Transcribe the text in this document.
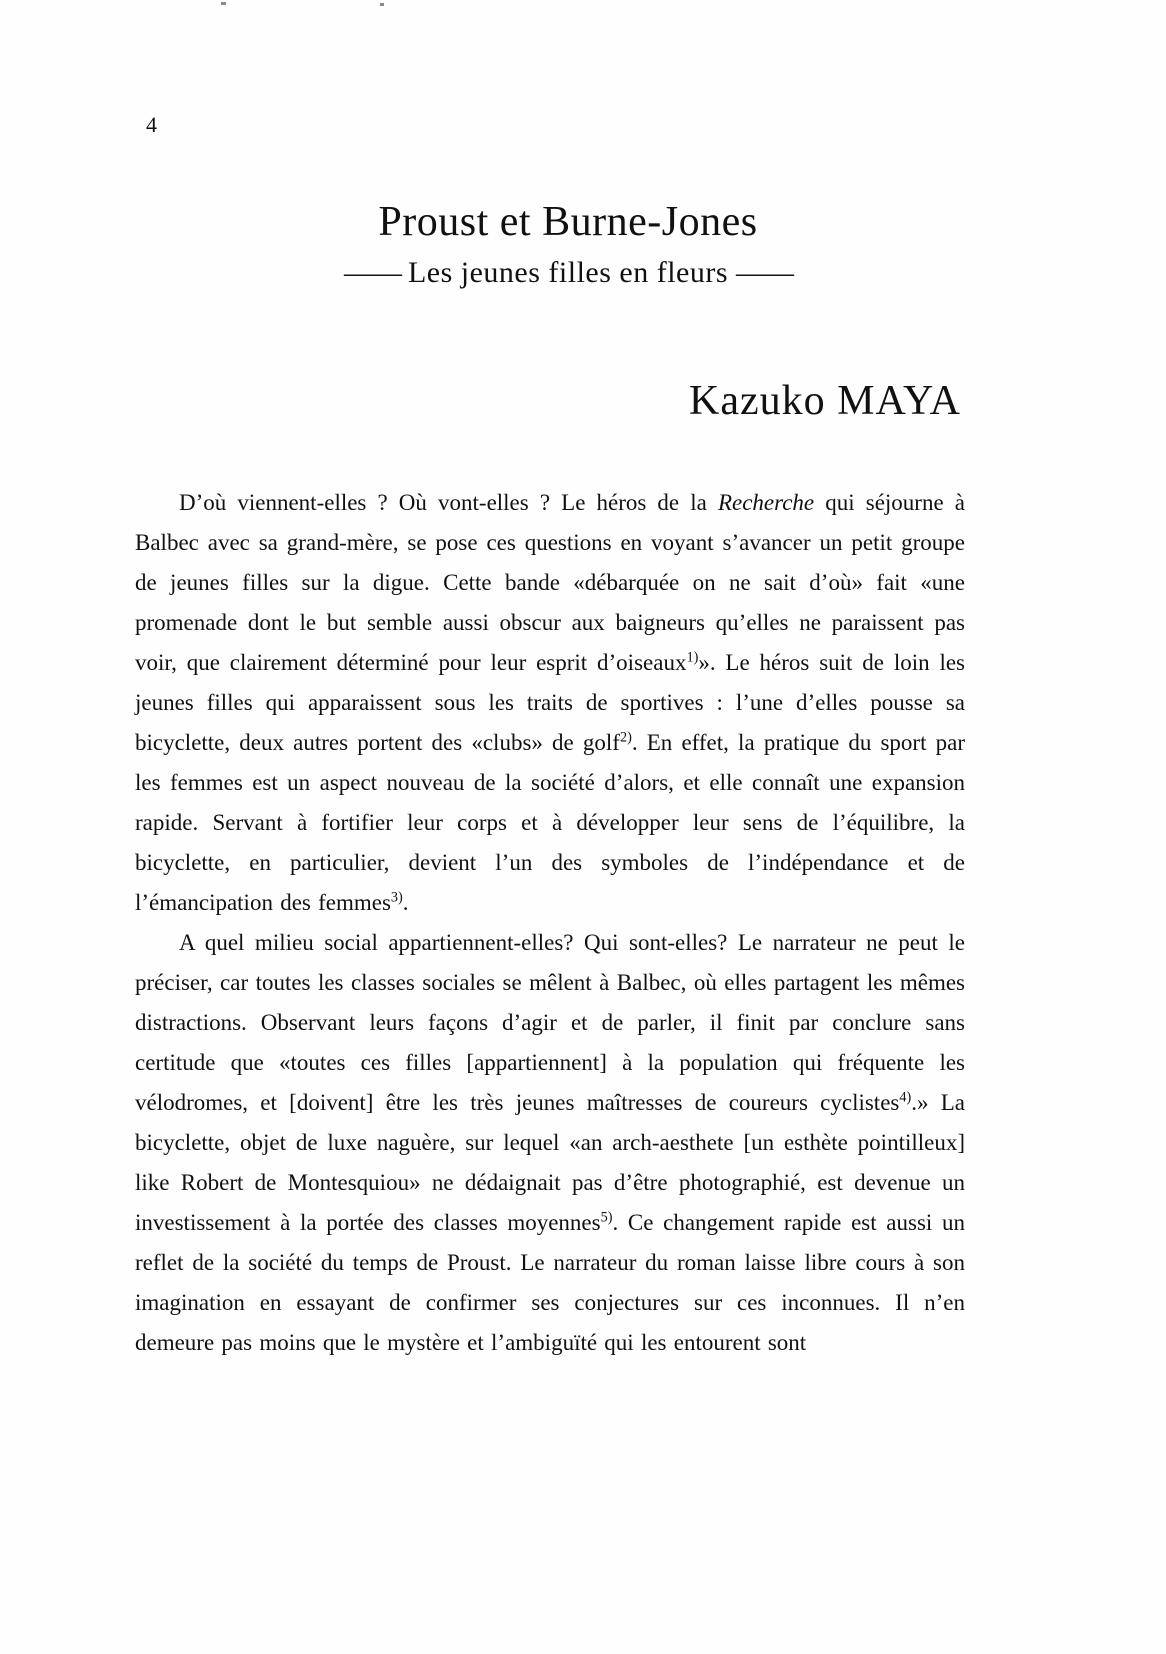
4
Proust et Burne-Jones
—— Les jeunes filles en fleurs ——
Kazuko MAYA

D’où viennent-elles ? Où vont-elles ? Le héros de la Recherche qui séjourne à Balbec avec sa grand-mère, se pose ces questions en voyant s’avancer un petit groupe de jeunes filles sur la digue. Cette bande «débarquée on ne sait d’où» fait «une promenade dont le but semble aussi obscur aux baigneurs qu’elles ne paraissent pas voir, que clairement déterminé pour leur esprit d’oiseaux$^{1)}$». Le héros suit de loin les jeunes filles qui apparaissent sous les traits de sportives : l’une d’elles pousse sa bicyclette, deux autres portent des «clubs» de golf$^{2)}$. En effet, la pratique du sport par les femmes est un aspect nouveau de la société d’alors, et elle connaît une expansion rapide. Servant à fortifier leur corps et à développer leur sens de l’équilibre, la bicyclette, en particulier, devient l’un des symboles de l’indépendance et de l’émancipation des femmes$^{3)}$.

A quel milieu social appartiennent-elles? Qui sont-elles? Le narrateur ne peut le préciser, car toutes les classes sociales se mêlent à Balbec, où elles partagent les mêmes distractions. Observant leurs façons d’agir et de parler, il finit par conclure sans certitude que «toutes ces filles [appartiennent] à la population qui fréquente les vélodromes, et [doivent] être les très jeunes maîtresses de coureurs cyclistes$^{4)}$.» La bicyclette, objet de luxe naguère, sur lequel «an arch-aesthete [un esthète pointilleux] like Robert de Montesquiou» ne dédaignait pas d’être photographié, est devenue un investissement à la portée des classes moyennes$^{5)}$. Ce changement rapide est aussi un reflet de la société du temps de Proust. Le narrateur du roman laisse libre cours à son imagination en essayant de confirmer ses conjectures sur ces inconnues. Il n’en demeure pas moins que le mystère et l’ambiguïté qui les entourent sont
